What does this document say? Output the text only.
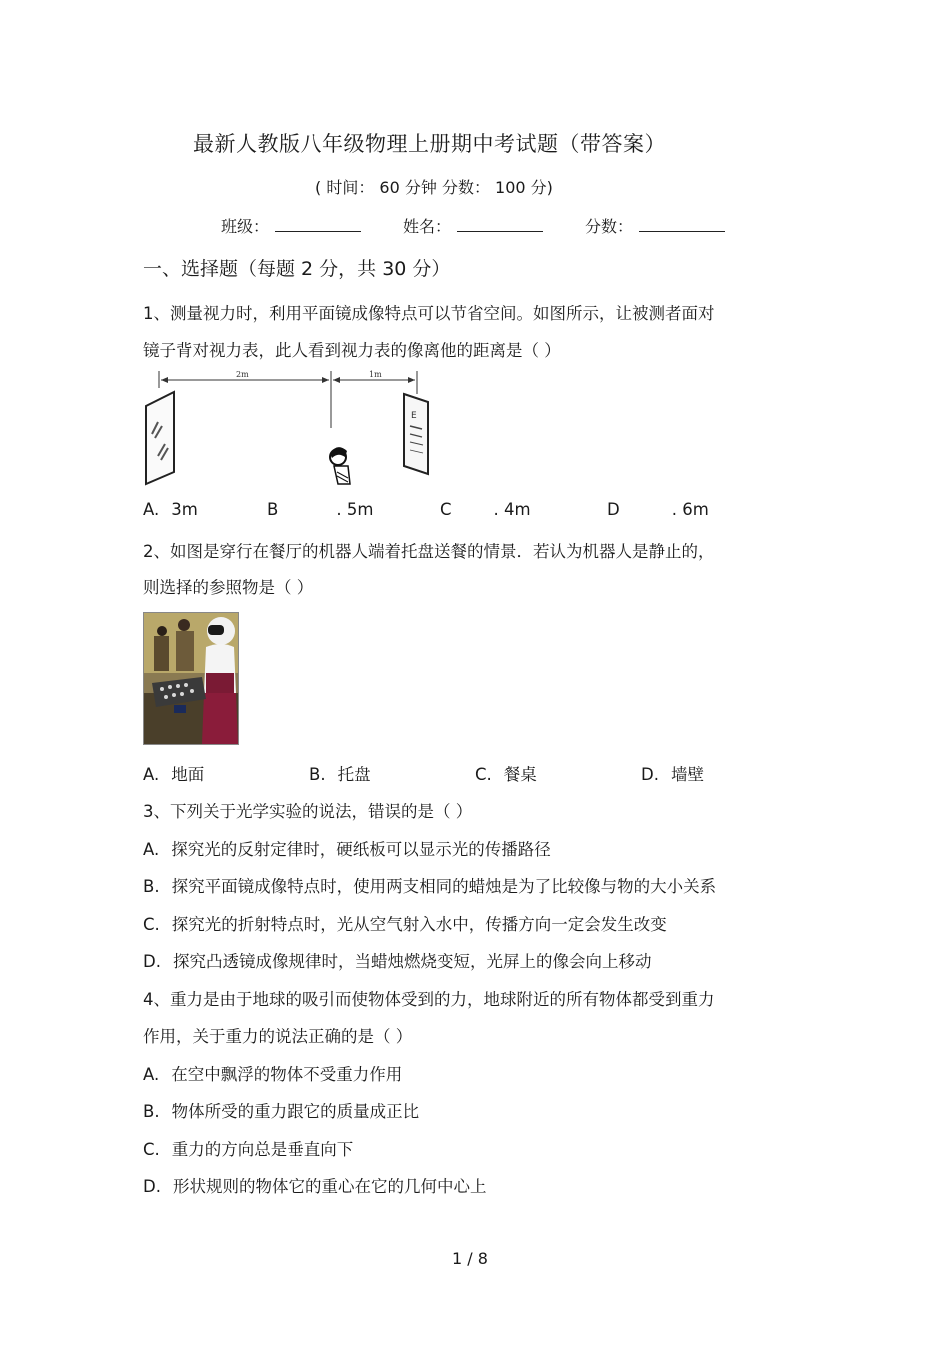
最新人教版八年级物理上册期中考试题（带答案）
( 时间： 60 分钟 分数： 100 分)
班级：	姓名：	分数：
一、选择题（每题 2 分，共 30 分）
1、测量视力时，利用平面镜成像特点可以节省空间。如图所示，让被测者面对
镜子背对视力表，此人看到视力表的像离他的距离是（ ）
2m	1m
E
A. 3m	B	. 5m	C	. 4m	D	. 6m
2、如图是穿行在餐厅的机器人端着托盘送餐的情景．若认为机器人是静止的，
则选择的参照物是（ ）
A. 地面	B. 托盘	C. 餐桌	D. 墙壁
3、下列关于光学实验的说法，错误的是（ ）
A. 探究光的反射定律时，硬纸板可以显示光的传播路径
B. 探究平面镜成像特点时，使用两支相同的蜡烛是为了比较像与物的大小关系
C. 探究光的折射特点时，光从空气射入水中，传播方向一定会发生改变
D. 探究凸透镜成像规律时，当蜡烛燃烧变短，光屏上的像会向上移动
4、重力是由于地球的吸引而使物体受到的力，地球附近的所有物体都受到重力
作用，关于重力的说法正确的是（ ）
A. 在空中飘浮的物体不受重力作用
B. 物体所受的重力跟它的质量成正比
C. 重力的方向总是垂直向下
D. 形状规则的物体它的重心在它的几何中心上
1 / 8
